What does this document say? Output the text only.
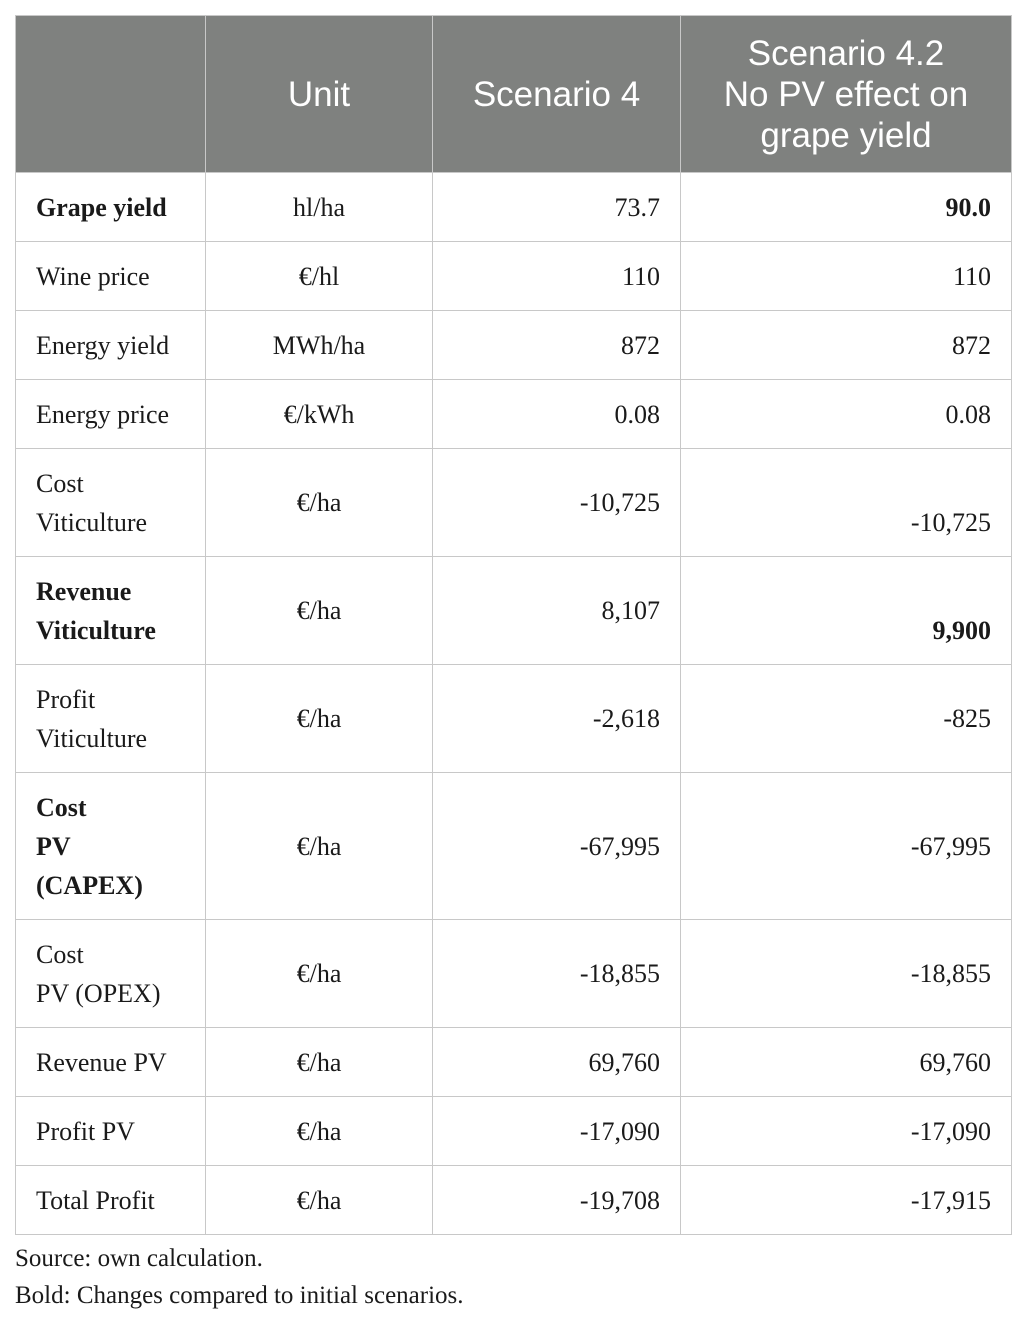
	Unit	Scenario 4	Scenario 4.2
No PV effect on
grape yield
Grape yield	hl/ha	73.7	90.0
Wine price	€/hl	110	110
Energy yield	MWh/ha	872	872
Energy price	€/kWh	0.08	0.08
Cost
Viticulture	€/ha	-10,725	-10,725
Revenue
Viticulture	€/ha	8,107	9,900
Profit
Viticulture	€/ha	-2,618	-825
Cost
PV
(CAPEX)	€/ha	-67,995	-67,995
Cost
PV (OPEX)	€/ha	-18,855	-18,855
Revenue PV	€/ha	69,760	69,760
Profit PV	€/ha	-17,090	-17,090
Total Profit	€/ha	-19,708	-17,915
Source: own calculation.
Bold: Changes compared to initial scenarios.
